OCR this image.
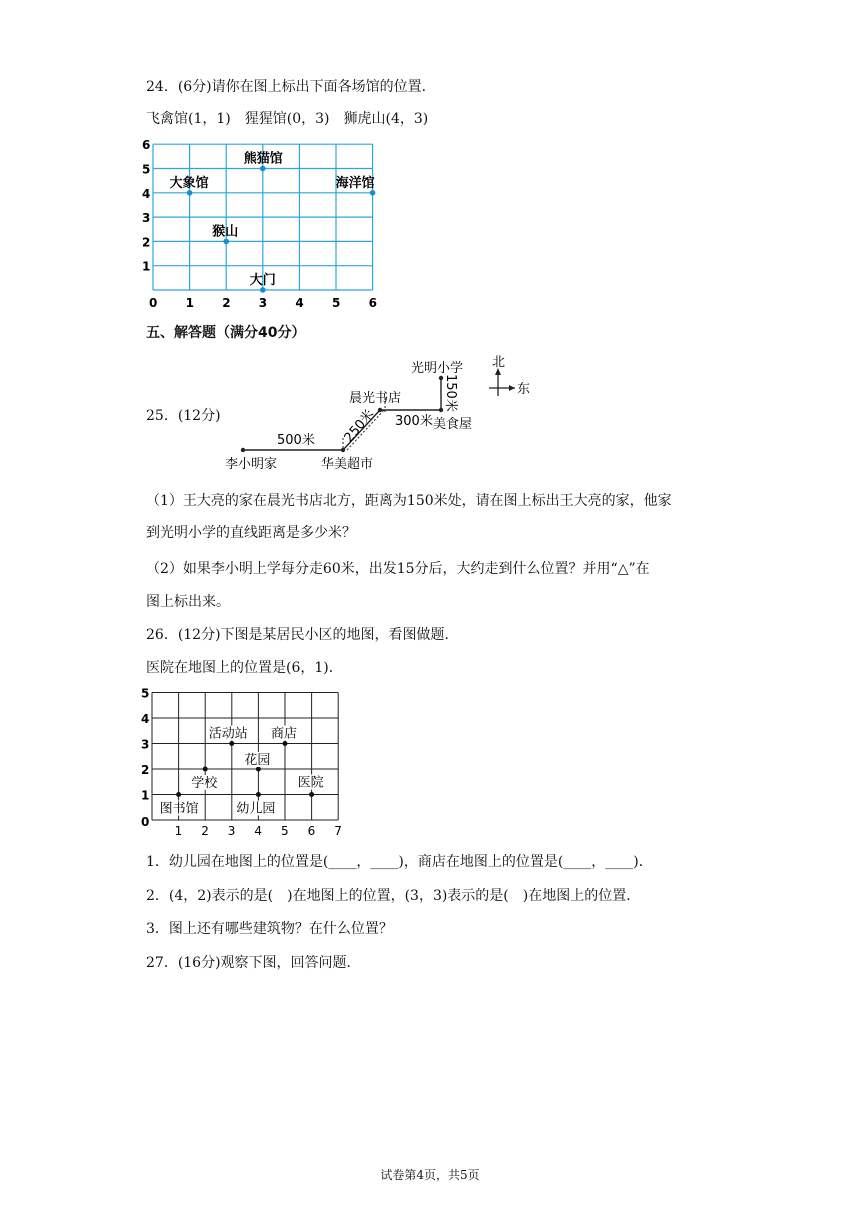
24．(6分)请你在图上标出下面各场馆的位置．
飞禽馆(1，1)　猩猩馆(0，3)　狮虎山(4，3)
0 1 2 3 4 5 6
1
2
3
4
5
6
熊猫馆
大象馆	海洋馆
猴山
大门
五、解答题（满分40分）
25．(12分)
李小明家	华美超市
晨光书店
美食屋
光明小学
500米 250米 300米
150米
北
东
（1）王大亮的家在晨光书店北方，距离为150米处，请在图上标出王大亮的家，他家
到光明小学的直线距离是多少米？
（2）如果李小明上学每分走60米，出发15分后，大约走到什么位置？并用“△”在
图上标出来。
26．(12分)下图是某居民小区的地图，看图做题．
医院在地图上的位置是(6，1)．
0
1 2 3 4 5 6 7
1
2
3
4
5
图书馆
学校
活动站 商店
花园
幼儿园
医院
1．幼儿园在地图上的位置是(____，____)，商店在地图上的位置是(____，____)．
2．(4，2)表示的是(　)在地图上的位置，(3，3)表示的是(　)在地图上的位置．
3．图上还有哪些建筑物？在什么位置？
27．(16分)观察下图，回答问题．
试卷第4页，共5页
